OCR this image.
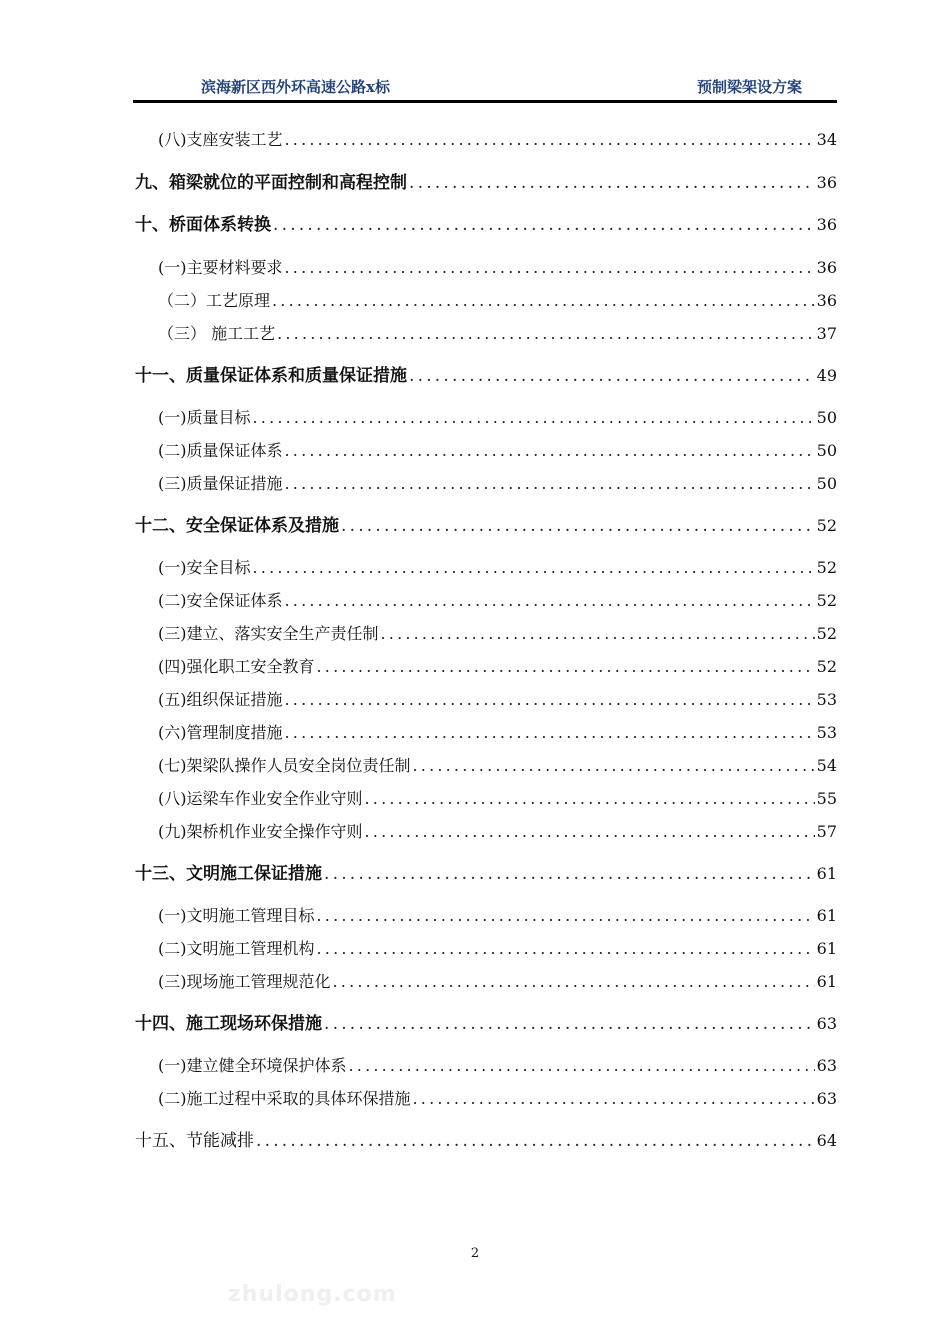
滨海新区西外环高速公路x标	预制梁架设方案
(八)支座安装工艺 .....	34
九、箱梁就位的平面控制和高程控制 .....	36
十、桥面体系转换 .....	36
(一)主要材料要求 .....	36
（二）工艺原理 .....	36
（三） 施工工艺 .....	37
十一、质量保证体系和质量保证措施 .....	49
(一)质量目标 .....	50
(二)质量保证体系 .....	50
(三)质量保证措施 .....	50
十二、安全保证体系及措施 .....	52
(一)安全目标 .....	52
(二)安全保证体系 .....	52
(三)建立、落实安全生产责任制 .....	52
(四)强化职工安全教育 .....	52
(五)组织保证措施 .....	53
(六)管理制度措施 .....	53
(七)架梁队操作人员安全岗位责任制 .....	54
(八)运梁车作业安全作业守则 .....	55
(九)架桥机作业安全操作守则 .....	57
十三、文明施工保证措施 .....	61
(一)文明施工管理目标 .....	61
(二)文明施工管理机构 .....	61
(三)现场施工管理规范化 .....	61
十四、施工现场环保措施 .....	63
(一)建立健全环境保护体系 .....	63
(二)施工过程中采取的具体环保措施 .....	63
十五、节能减排 .....	64
2
zhulong.com
